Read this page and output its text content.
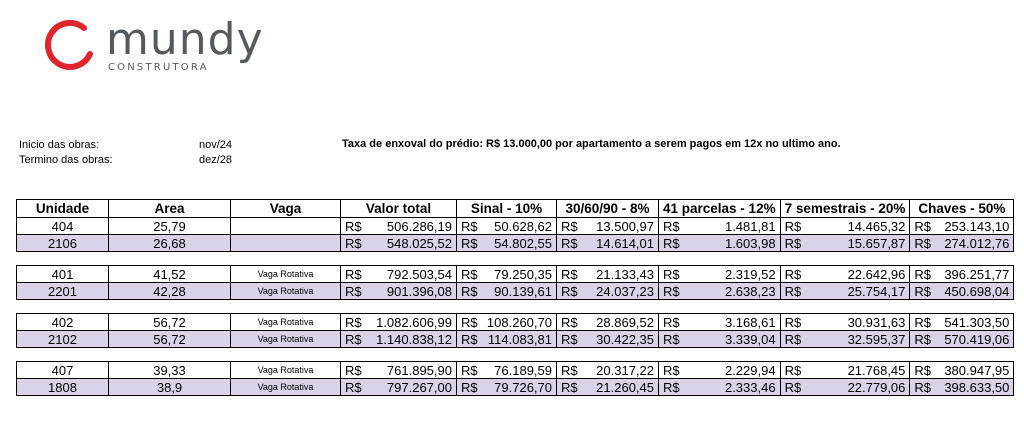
mundy
CONSTRUTORA
Inicio das obras:	nov/24
Termino das obras:	dez/28
Taxa de enxoval do prédio: R$ 13.000,00 por apartamento a serem pagos em 12x no ultimo ano.
Unidade	Area	Vaga	Valor total	Sinal - 10%	30/60/90 - 8%	41 parcelas - 12%	7 semestrais - 20%	Chaves - 50%
404	25,79		R$ 506.286,19	R$ 50.628,62	R$ 13.500,97	R$ 1.481,81	R$ 14.465,32	R$ 253.143,10

2106	26,68		R$ 548.025,52	R$ 54.802,55	R$ 14.614,01	R$ 1.603,98	R$ 15.657,87	R$ 274.012,76

401	41,52	Vaga Rotativa	R$ 792.503,54	R$ 79.250,35	R$ 21.133,43	R$ 2.319,52	R$ 22.642,96	R$ 396.251,77

2201	42,28	Vaga Rotativa	R$ 901.396,08	R$ 90.139,61	R$ 24.037,23	R$ 2.638,23	R$ 25.754,17	R$ 450.698,04

402	56,72	Vaga Rotativa	R$ 1.082.606,99	R$ 108.260,70	R$ 28.869,52	R$ 3.168,61	R$ 30.931,63	R$ 541.303,50

2102	56,72	Vaga Rotativa	R$ 1.140.838,12	R$ 114.083,81	R$ 30.422,35	R$ 3.339,04	R$ 32.595,37	R$ 570.419,06

407	39,33	Vaga Rotativa	R$ 761.895,90	R$ 76.189,59	R$ 20.317,22	R$ 2.229,94	R$ 21.768,45	R$ 380.947,95

1808	38,9	Vaga Rotativa	R$ 797.267,00	R$ 79.726,70	R$ 21.260,45	R$ 2.333,46	R$ 22.779,06	R$ 398.633,50
